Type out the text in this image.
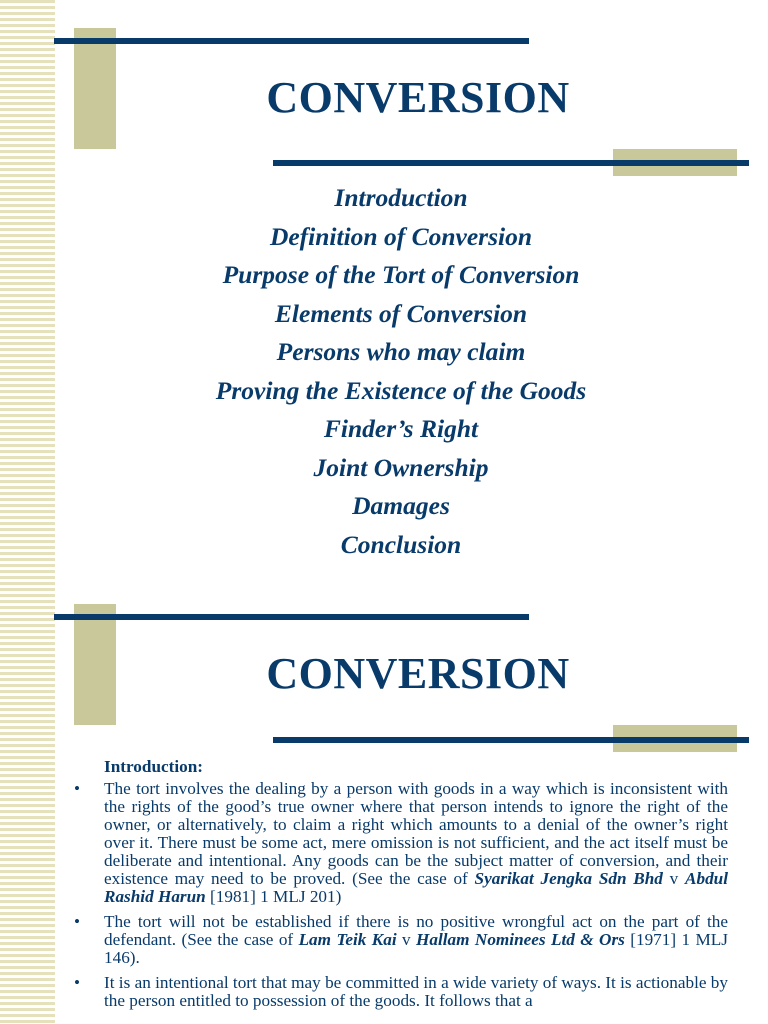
CONVERSION
Introduction
Definition of Conversion
Purpose of the Tort of Conversion
Elements of Conversion
Persons who may claim
Proving the Existence of the Goods
Finder’s Right
Joint Ownership
Damages
Conclusion
CONVERSION
Introduction:
• The tort involves the dealing by a person with goods in a way which is inconsistent with the rights of the good’s true owner where that person intends to ignore the right of the owner, or alternatively, to claim a right which amounts to a denial of the owner’s right over it. There must be some act, mere omission is not sufficient, and the act itself must be deliberate and intentional. Any goods can be the subject matter of conversion, and their existence may need to be proved. (See the case of Syarikat Jengka Sdn Bhd v Abdul Rashid Harun [1981] 1 MLJ 201)
• The tort will not be established if there is no positive wrongful act on the part of the defendant. (See the case of Lam Teik Kai v Hallam Nominees Ltd & Ors [1971] 1 MLJ 146).
• It is an intentional tort that may be committed in a wide variety of ways. It is actionable by the person entitled to possession of the goods. It follows that a
